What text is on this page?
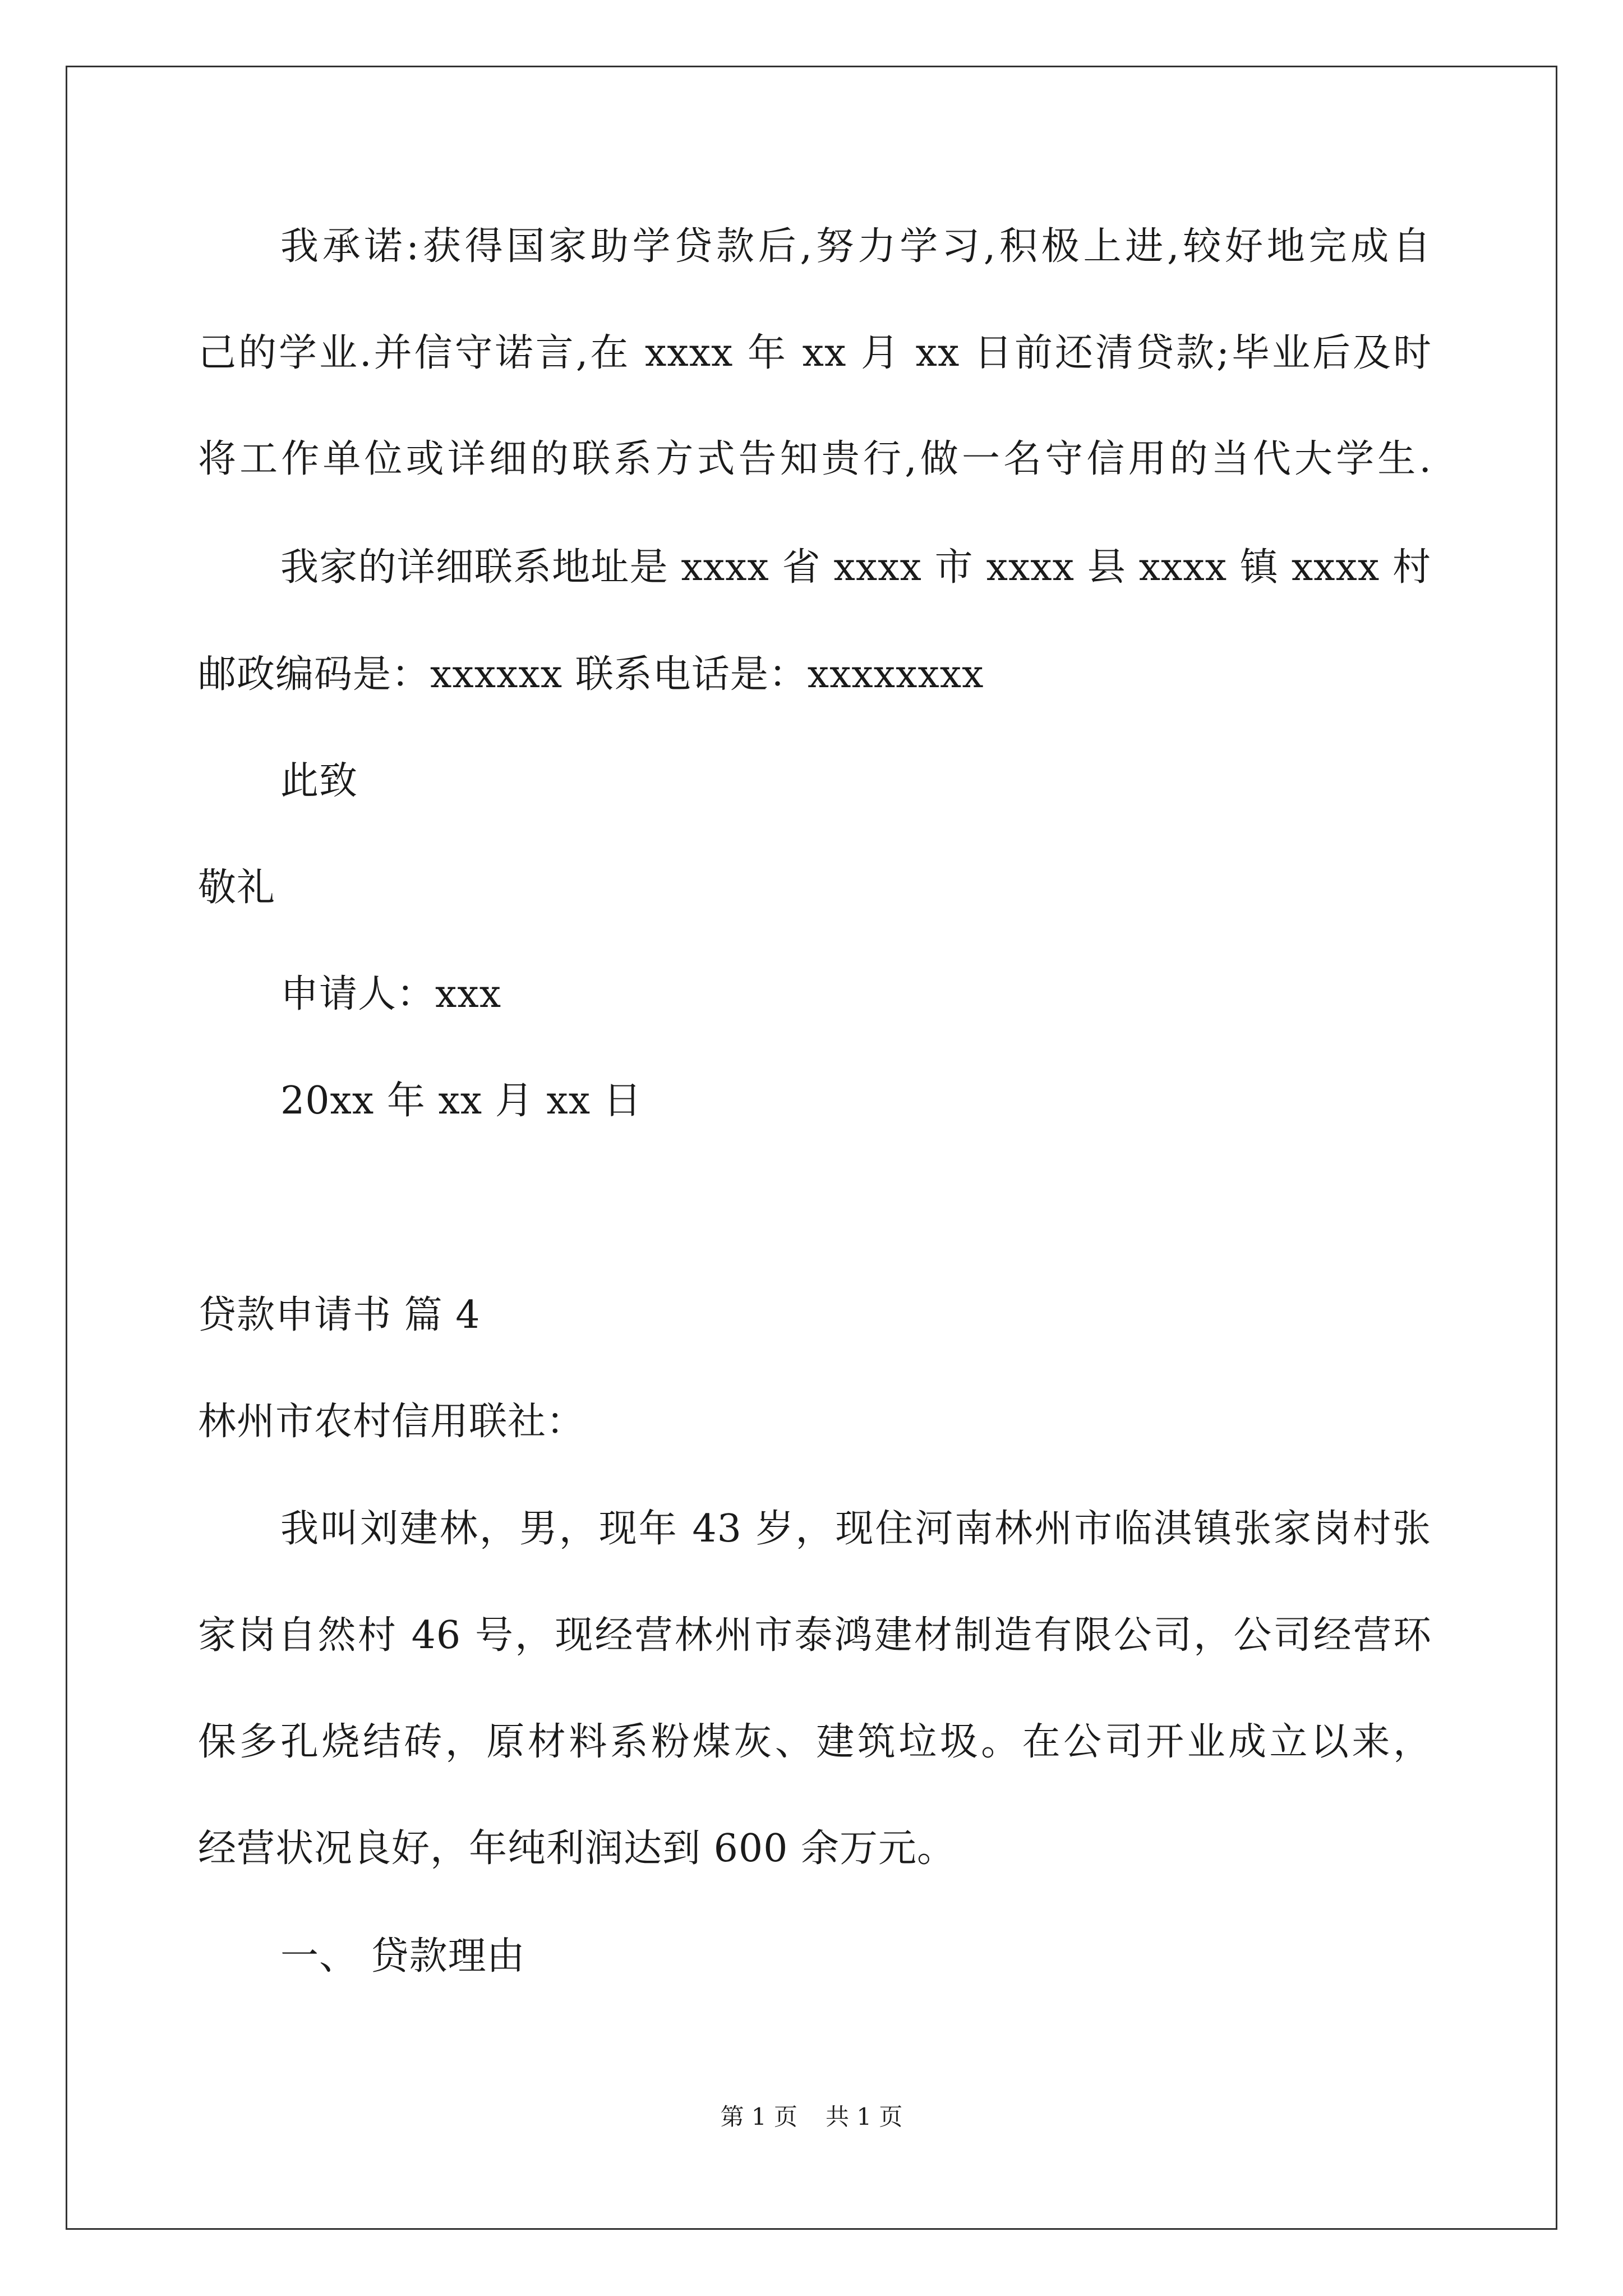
我承诺:获得国家助学贷款后,努力学习,积极上进,较好地完成自
己的学业.并信守诺言,在 xxxx 年 xx 月 xx 日前还清贷款;毕业后及时
将工作单位或详细的联系方式告知贵行,做一名守信用的当代大学生.
我家的详细联系地址是 xxxx 省 xxxx 市 xxxx 县 xxxx 镇 xxxx 村
邮政编码是：xxxxxx 联系电话是：xxxxxxxx
此致
敬礼
申请人：xxx
20xx 年 xx 月 xx 日
贷款申请书 篇 4
林州市农村信用联社：
我叫刘建林，男，现年 43 岁，现住河南林州市临淇镇张家岗村张
家岗自然村 46 号，现经营林州市泰鸿建材制造有限公司，公司经营环
保多孔烧结砖，原材料系粉煤灰、建筑垃圾。在公司开业成立以来，
经营状况良好，年纯利润达到 600 余万元。
一、 贷款理由
第 1 页 共 1 页
